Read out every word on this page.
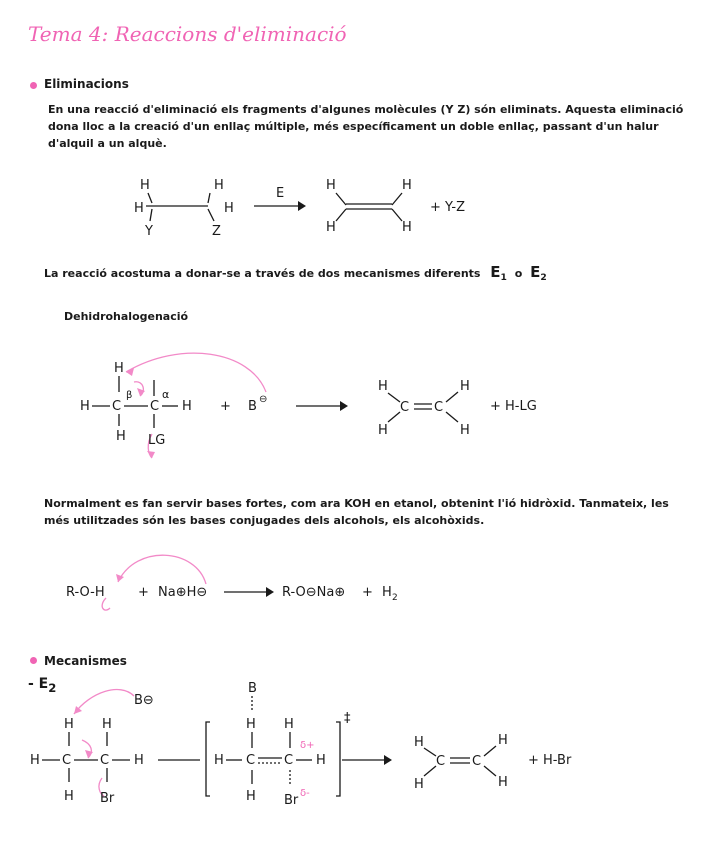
Tema 4: Reaccions d'eliminació
Eliminacions
En una reacció d'eliminació els fragments d'algunes molècules (Y Z) són eliminats. Aquesta eliminació dona lloc a la creació d'un enllaç múltiple, més específicament un doble enllaç, passant d'un halur d'alquil a un alquè.
H
H
Y
H
H
Z
E
H
H
H
H
+ Y-Z
La reacció acostuma a donar-se a través de dos mecanismes diferents $E_1$ o $E_2$
Dehidrohalogenació
H
H C
β
H
C
α
H
LG
+ B ⊖
H
H
C C
H
H
+ H-LG
Normalment es fan servir bases fortes, com ara KOH en etanol, obtenint l'ió hidròxid. Tanmateix, les més utilitzades són les bases conjugades dels alcohols, els alcohòxids.
R-O-H	+ Na⊕H⊖	R-O⊖Na⊕ + H 2
Mecanismes
- $E_2$
B⊖
H H
H C C H
H Br
H C C H
B
H H
δ+
H Br δ-
‡
H
H
C C
H
H
+ H-Br
